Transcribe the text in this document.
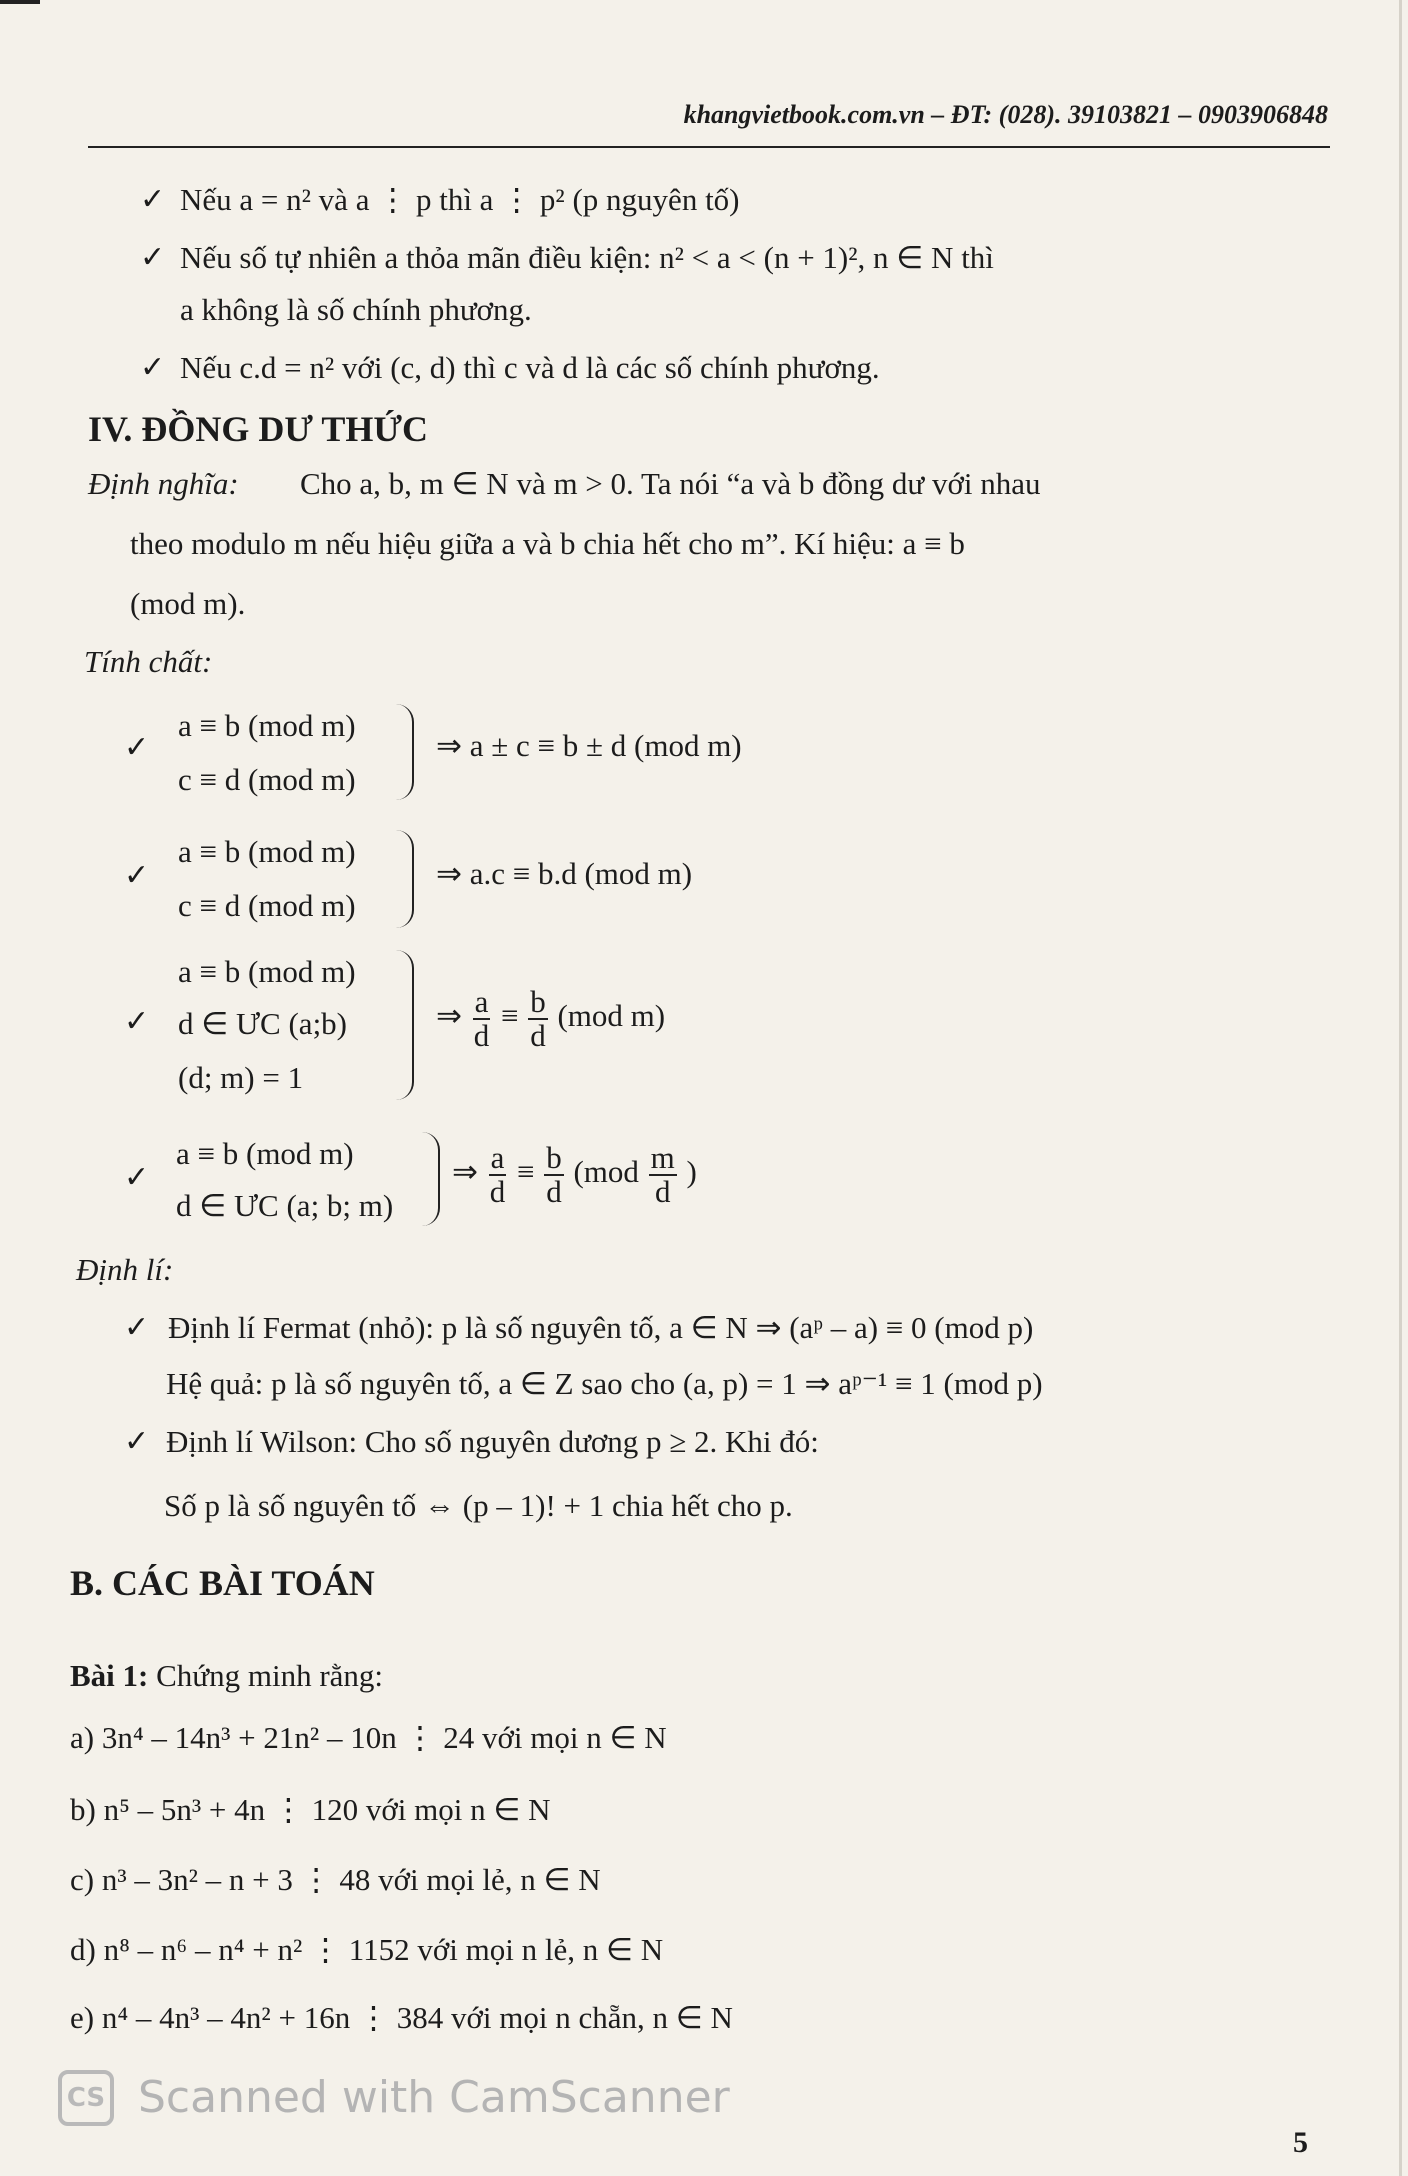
khangvietbook.com.vn – ĐT: (028). 39103821 – 0903906848
✓ Nếu a = n² và a ⋮ p thì a ⋮ p² (p nguyên tố)
✓ Nếu số tự nhiên a thỏa mãn điều kiện: n² < a < (n + 1)², n ∈ N thì
a không là số chính phương.
✓ Nếu c.d = n² với (c, d) thì c và d là các số chính phương.
IV. ĐỒNG DƯ THỨC
Định nghĩa: Cho a, b, m ∈ N và m > 0. Ta nói “a và b đồng dư với nhau
theo modulo m nếu hiệu giữa a và b chia hết cho m”. Kí hiệu: a ≡ b
(mod m).
Tính chất:
✓
a ≡ b (mod m)
c ≡ d (mod m)
⇒ a ± c ≡ b ± d (mod m)
✓
a ≡ b (mod m)
c ≡ d (mod m)
⇒ a.c ≡ b.d (mod m)
✓
a ≡ b (mod m)
d ∈ ƯC (a;b)
(d; m) = 1
⇒ $\frac{a}{d} \equiv \frac{b}{d} (mod$ m)
✓
a ≡ b (mod m)
d ∈ ƯC (a; b; m)
⇒ $\frac{a}{d} \equiv \frac{b}{d} (mod \frac{m}{d}$ )
Định lí:
✓ Định lí Fermat (nhỏ): p là số nguyên tố, a ∈ N ⇒ (aᵖ – a) ≡ 0 (mod p)
Hệ quả: p là số nguyên tố, a ∈ Z sao cho (a, p) = 1 ⇒ aᵖ⁻¹ ≡ 1 (mod p)
✓ Định lí Wilson: Cho số nguyên dương p ≥ 2. Khi đó:
Số p là số nguyên tố ⇔ (p – 1)! + 1 chia hết cho p.
B. CÁC BÀI TOÁN
Bài 1: Chứng minh rằng:
a) 3n⁴ – 14n³ + 21n² – 10n ⋮ 24 với mọi n ∈ N
b) n⁵ – 5n³ + 4n ⋮ 120 với mọi n ∈ N
c) n³ – 3n² – n + 3 ⋮ 48 với mọi lẻ, n ∈ N
d) n⁸ – n⁶ – n⁴ + n² ⋮ 1152 với mọi n lẻ, n ∈ N
e) n⁴ – 4n³ – 4n² + 16n ⋮ 384 với mọi n chẵn, n ∈ N
CS Scanned with CamScanner
5
